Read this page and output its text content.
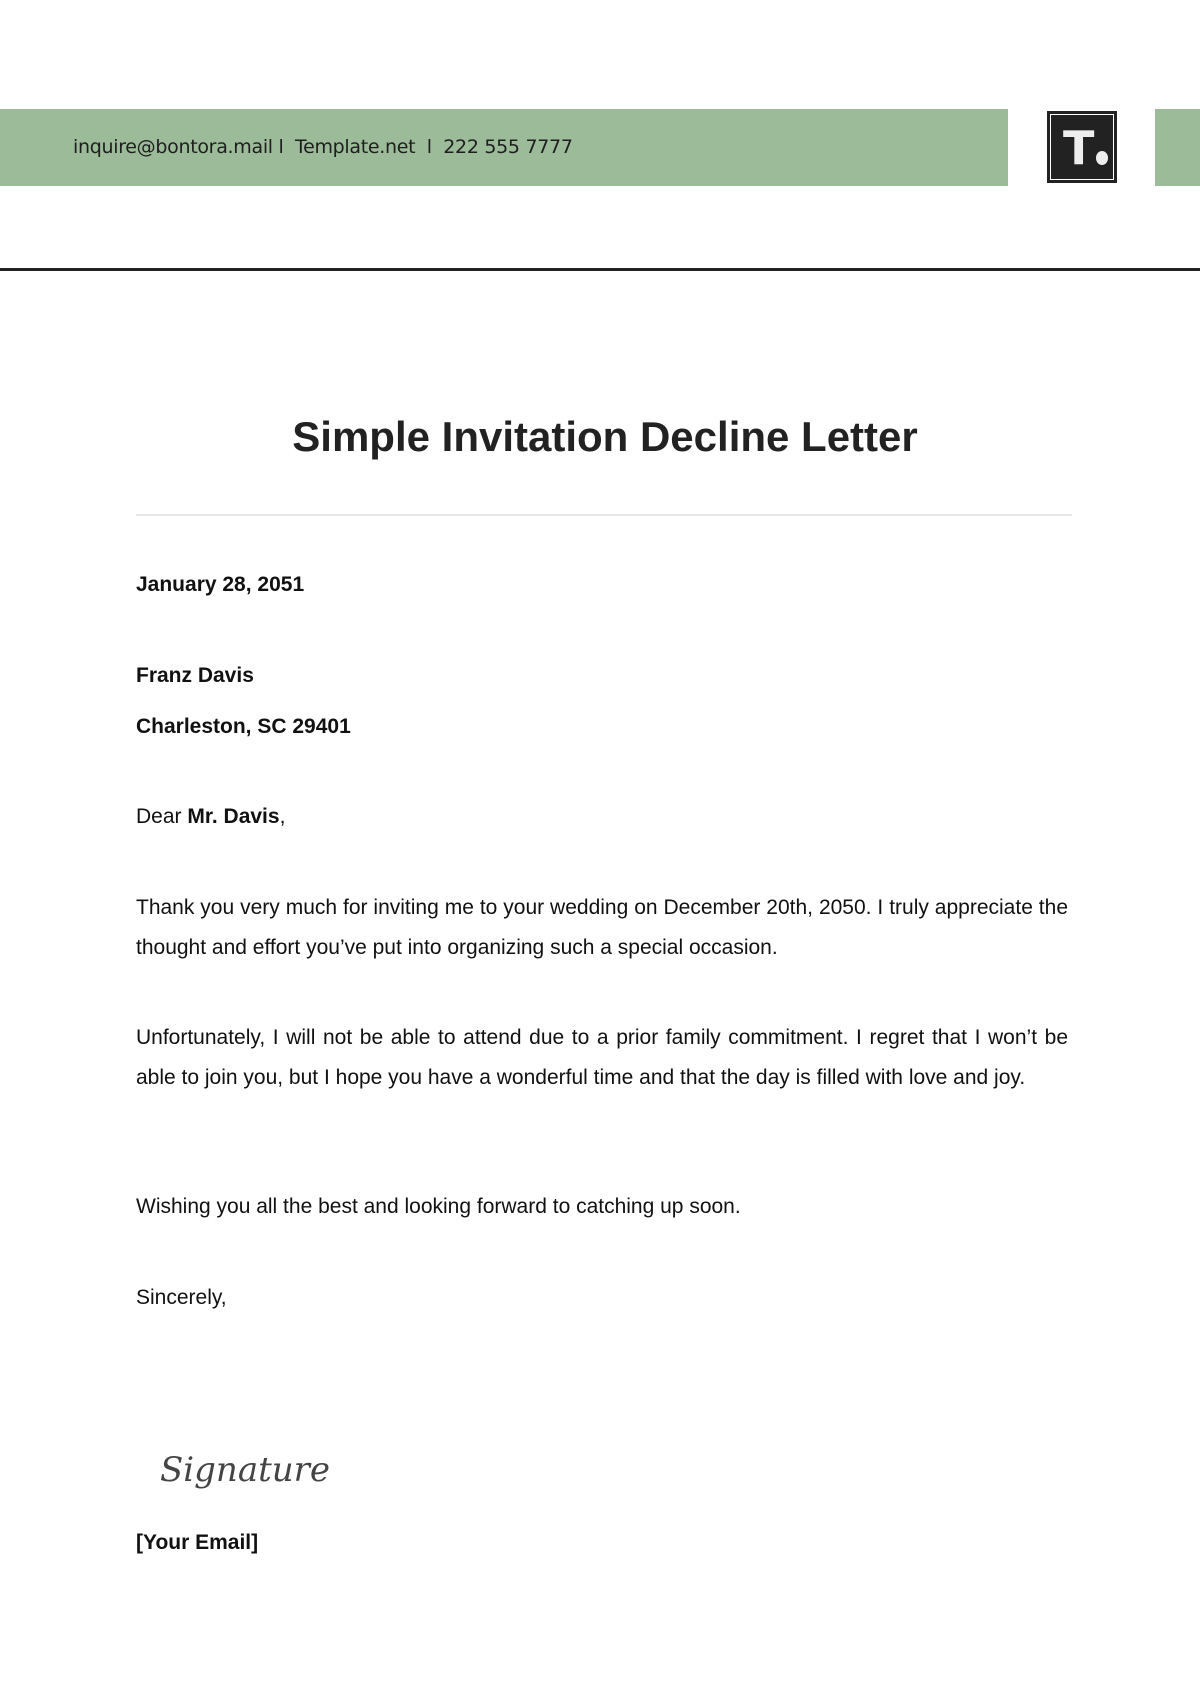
inquire@bontora.mail l  Template.net  l  222 555 7777	T
Simple Invitation Decline Letter
January 28, 2051
Franz Davis
Charleston, SC 29401
Dear Mr. Davis,
Thank you very much for inviting me to your wedding on December 20th, 2050. I truly appreciate the thought and effort you’ve put into organizing such a special occasion.
Unfortunately, I will not be able to attend due to a prior family commitment. I regret that I won’t be able to join you, but I hope you have a wonderful time and that the day is filled with love and joy.
Wishing you all the best and looking forward to catching up soon.
Sincerely,
Signature
[Your Email]
